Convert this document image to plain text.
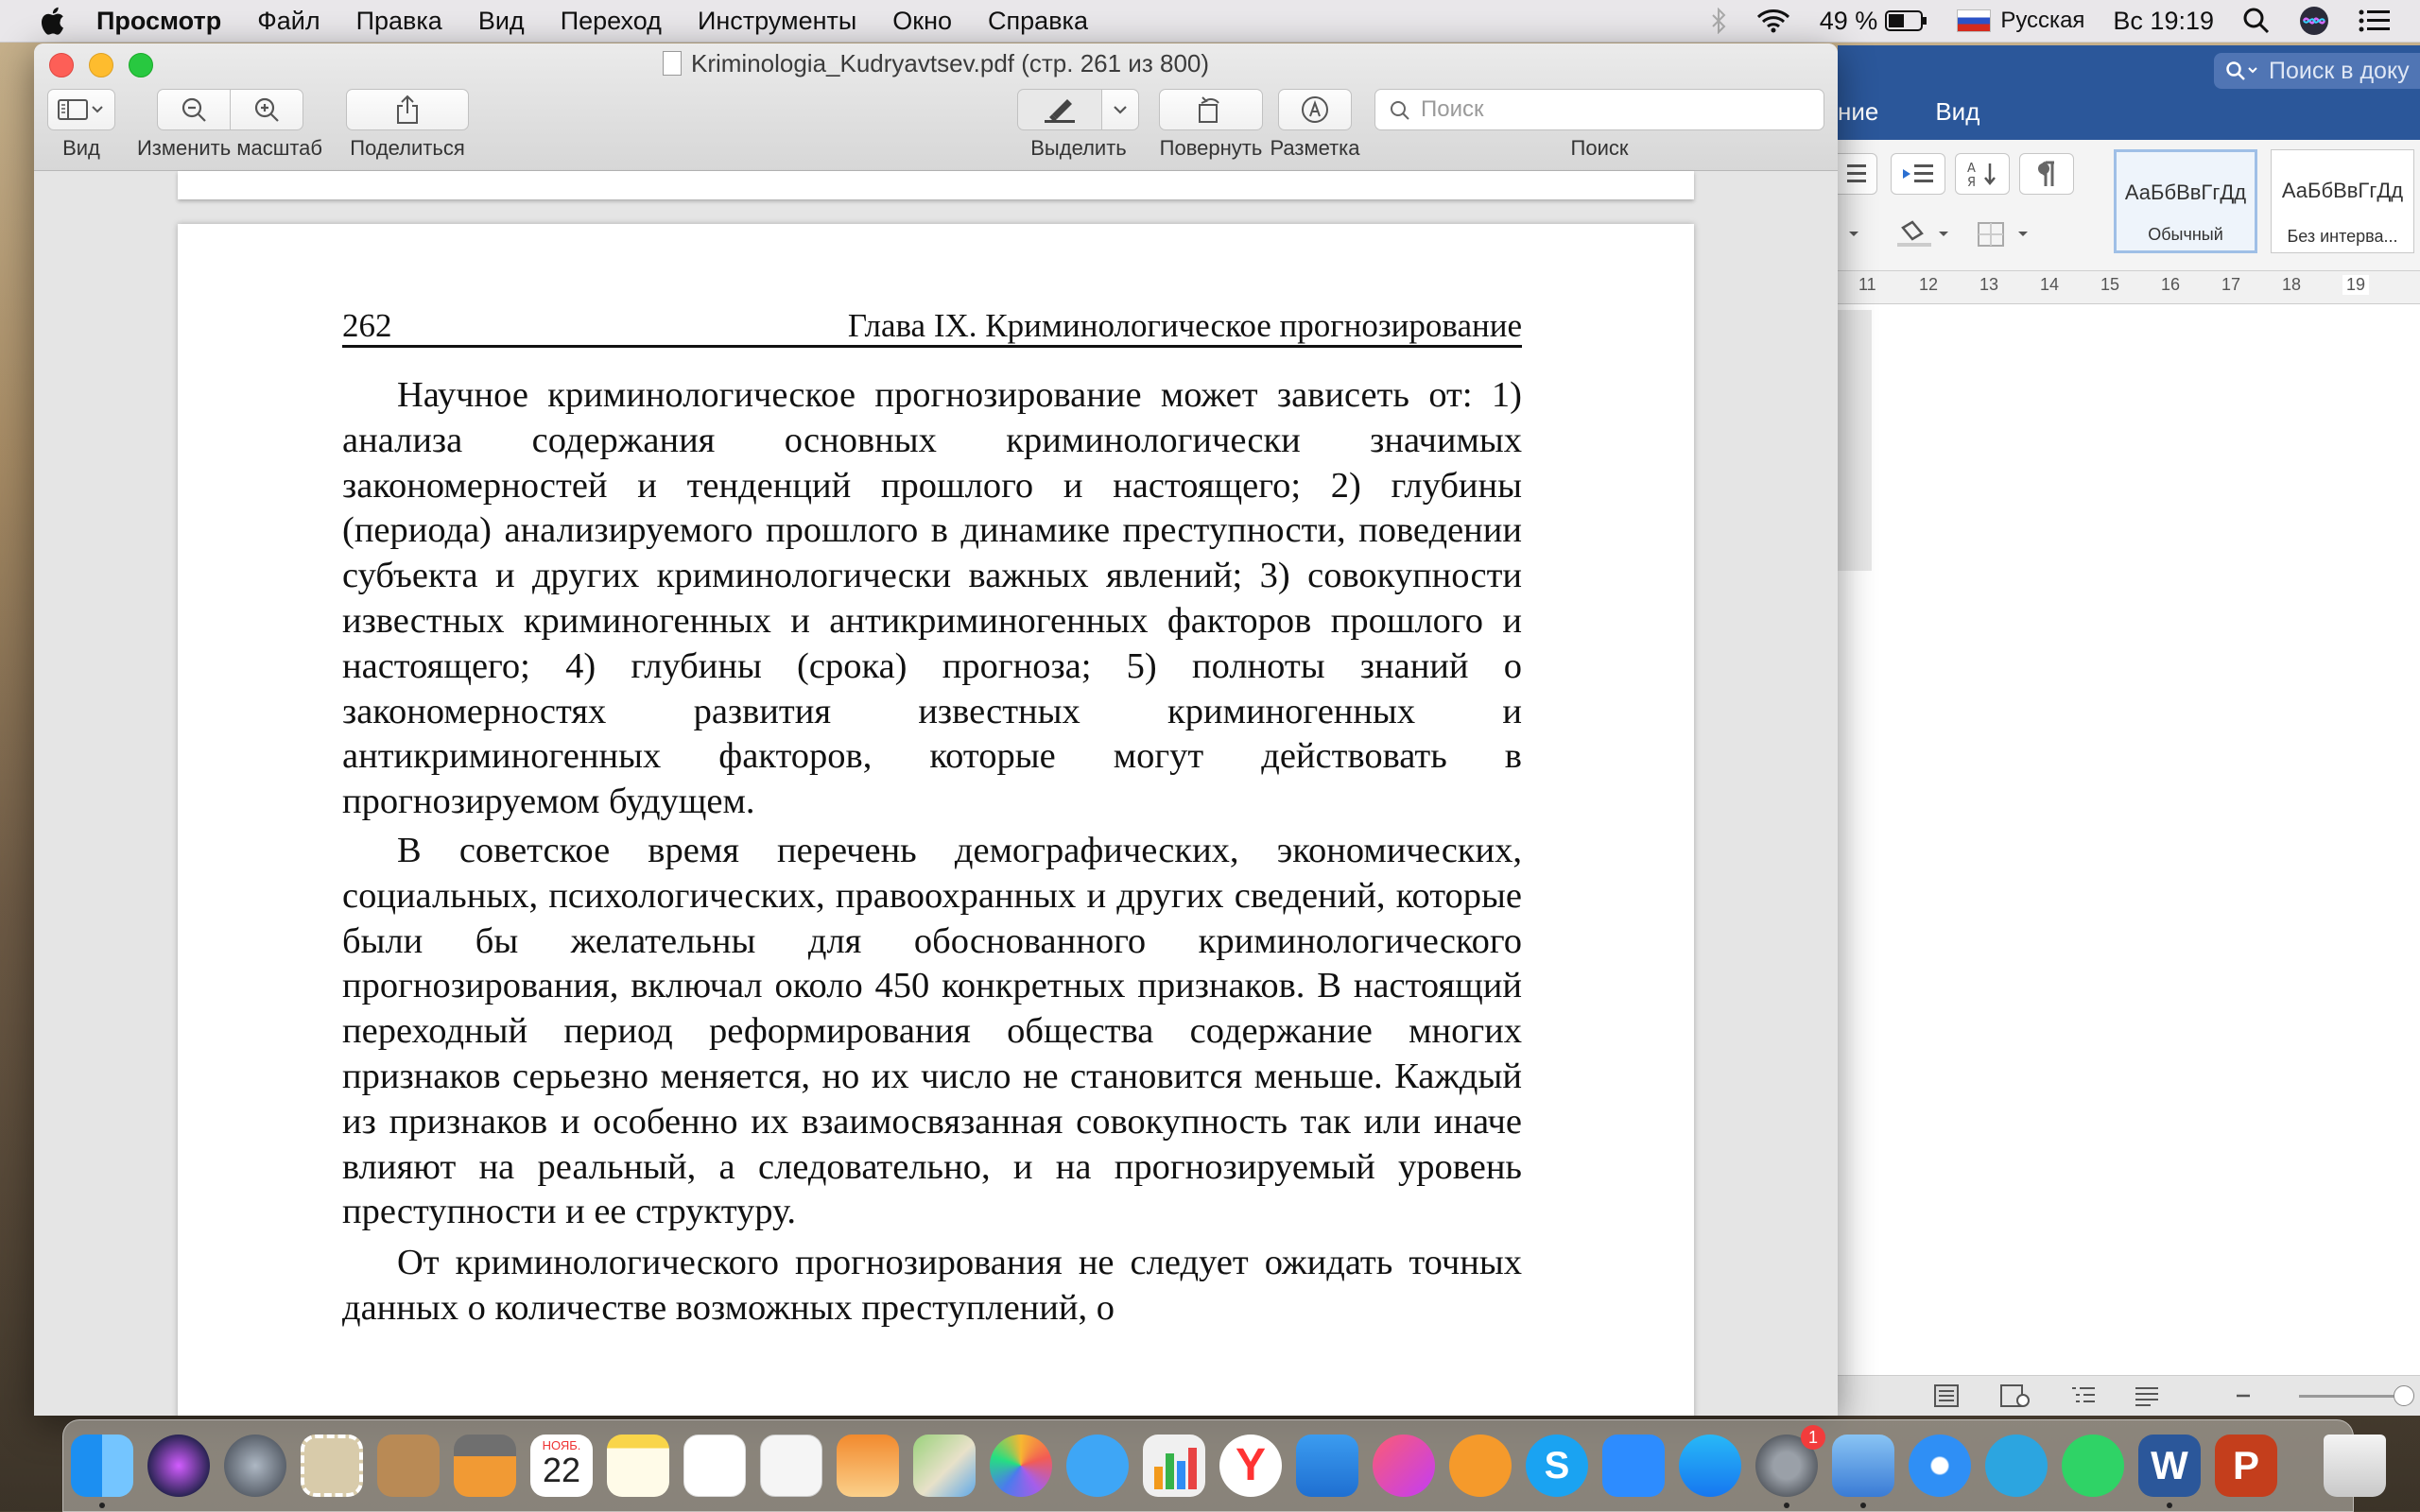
Просмотр Файл Правка Вид Переход Инструменты Окно Справка	49 %	Русская Вс 19:19
Поиск в доку
ние Вид
А
Я	АаБбВвГгДд
Обычный
АаБбВвГгДд
Без интерва...
11	12 13 14 15 16 17 18	19
Kriminologia_Kudryavtsev.pdf (стр. 261 из 800)
Вид	Изменить масштаб	Поделиться	Выделить	Повернуть Разметка
Поиск
Поиск
262	Глава IX. Криминологическое прогнозирование

Научное криминологическое прогнозирование может зависеть от: 1) анализа содержания основных криминологически значимых закономерностей и тенденций прошлого и настоящего; 2) глубины (периода) анализируемого прошлого в динамике преступности, поведении субъекта и других криминологически важных явлений; 3) совокупности известных криминогенных и антикриминогенных факторов прошлого и настоящего; 4) глубины (срока) прогноза; 5) полноты знаний о закономерностях развития известных криминогенных и антикриминогенных факторов, которые могут действовать в прогнозируемом будущем.

В советское время перечень демографических, экономических, социальных, психологических, правоохранных и других сведений, которые были бы желательны для обоснованного криминологического прогнозирования, включал около 450 конкретных признаков. В настоящий переходный период реформирования общества содержание многих признаков серьезно меняется, но их число не становится меньше. Каждый из признаков и особенно их взаимосвязанная совокупность так или иначе влияют на реальный, а следовательно, и на прогнозируемый уровень преступности и ее структуру.

От криминологического прогнозирования не следует ожидать точных данных о количестве возможных преступлений, о

НОЯБ.
22	Y	S
1
W	P
